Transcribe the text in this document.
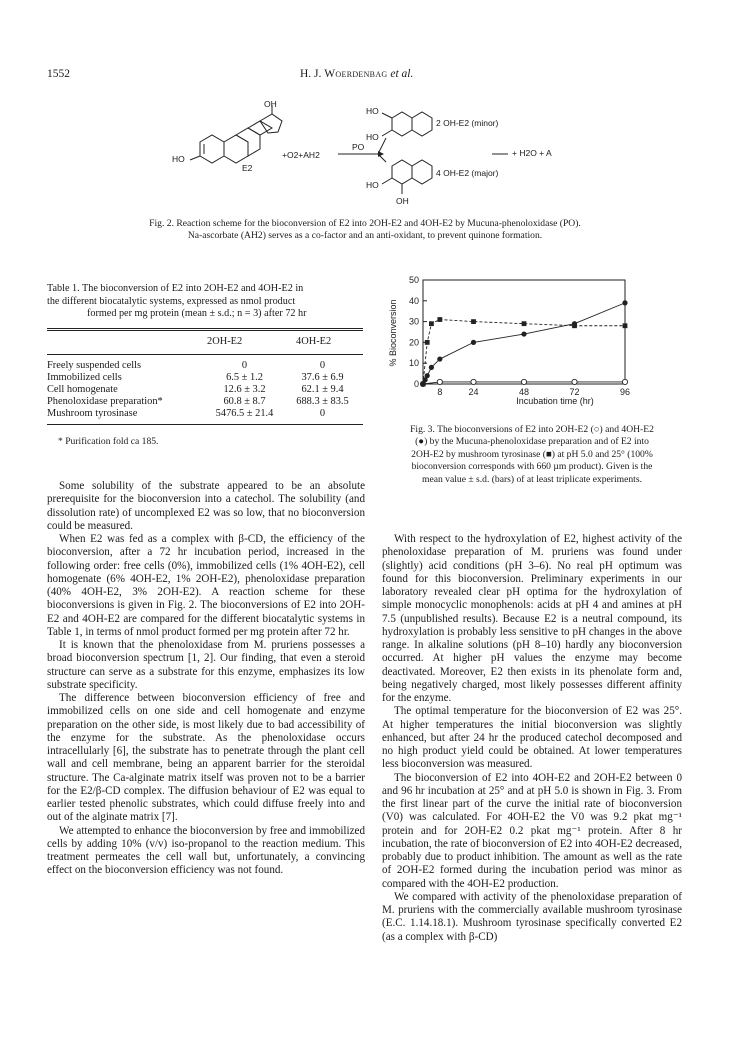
1552	H. J. Woerdenbag et al.
OH
HO
E2
+O2+AH2
PO
HO
HO
2 OH-E2 (minor)
HO
OH
4 OH-E2 (major)
+ H2O + A
Fig. 2. Reaction scheme for the bioconversion of E2 into 2OH-E2 and 4OH-E2 by Mucuna-phenoloxidase (PO).
Na-ascorbate (AH2) serves as a co-factor and an anti-oxidant, to prevent quinone formation.
Table 1. The bioconversion of E2 into 2OH-E2 and 4OH-E2 in
the different biocatalytic systems, expressed as nmol product
formed per mg protein (mean ± s.d.; n = 3) after 72 hr
2OH-E2	4OH-E2
Freely suspended cells	0	0
Immobilized cells	6.5 ± 1.2	37.6 ± 6.9
Cell homogenate	12.6 ± 3.2	62.1 ± 9.4
Phenoloxidase preparation*	60.8 ± 8.7	688.3 ± 83.5
Mushroom tyrosinase	5476.5 ± 21.4	0
* Purification fold ca 185.
0
10
20
30
40
50
8	24	48	72	96
% Bioconversion
Incubation time (hr)
Fig. 3. The bioconversions of E2 into 2OH-E2 (○) and 4OH-E2
(●) by the Mucuna-phenoloxidase preparation and of E2 into
2OH-E2 by mushroom tyrosinase (■) at pH 5.0 and 25° (100%
bioconversion corresponds with 660 µm product). Given is the
mean value ± s.d. (bars) of at least triplicate experiments.

Some solubility of the substrate appeared to be an absolute prerequisite for the bioconversion into a catechol. The solubility (and dissolution rate) of uncomplexed E2 was so low, that no bioconversion could be measured.

When E2 was fed as a complex with β-CD, the efficiency of the bioconversion, after a 72 hr incubation period, increased in the following order: free cells (0%), immobilized cells (1% 4OH-E2), cell homogenate (6% 4OH-E2, 1% 2OH-E2), phenoloxidase preparation (40% 4OH-E2, 3% 2OH-E2). A reaction scheme for these bioconversions is given in Fig. 2. The bioconversions of E2 into 2OH-E2 and 4OH-E2 are compared for the different biocatalytic systems in Table 1, in terms of nmol product formed per mg protein after 72 hr.

It is known that the phenoloxidase from M. pruriens possesses a broad bioconversion spectrum [1, 2]. Our finding, that even a steroid structure can serve as a substrate for this enzyme, emphasizes its low substrate specificity.

The difference between bioconversion efficiency of free and immobilized cells on one side and cell homogenate and enzyme preparation on the other side, is most likely due to bad accessibility of the enzyme for the substrate. As the phenoloxidase occurs intracellularly [6], the substrate has to penetrate through the plant cell wall and cell membrane, being an apparent barrier for the steroidal structure. The Ca-alginate matrix itself was proven not to be a barrier for the E2/β-CD complex. The diffusion behaviour of E2 was equal to earlier tested phenolic substrates, which could diffuse freely into and out of the alginate matrix [7].

We attempted to enhance the bioconversion by free and immobilized cells by adding 10% (v/v) iso-propanol to the reaction medium. This treatment permeates the cell wall but, unfortunately, a convincing effect on the bioconversion efficiency was not found.

With respect to the hydroxylation of E2, highest activity of the phenoloxidase preparation of M. pruriens was found under (slightly) acid conditions (pH 3–6). No real pH optimum was found for this bioconversion. Preliminary experiments in our laboratory revealed clear pH optima for the hydroxylation of simple monocyclic monophenols: acids at pH 4 and amines at pH 7.5 (unpublished results). Because E2 is a neutral compound, its hydroxylation is probably less sensitive to pH changes in the above range. In alkaline solutions (pH 8–10) hardly any bioconversion occurred. At higher pH values the enzyme may become deactivated. Moreover, E2 then exists in its phenolate form and, being negatively charged, most likely possesses different affinity for the enzyme.

The optimal temperature for the bioconversion of E2 was 25°. At higher temperatures the initial bioconversion was slightly enhanced, but after 24 hr the produced catechol decomposed and no high product yield could be obtained. At lower temperatures less bioconversion was measured.

The bioconversion of E2 into 4OH-E2 and 2OH-E2 between 0 and 96 hr incubation at 25° and at pH 5.0 is shown in Fig. 3. From the first linear part of the curve the initial rate of bioconversion (V0) was calculated. For 4OH-E2 the V0 was 9.2 pkat mg⁻¹ protein and for 2OH-E2 0.2 pkat mg⁻¹ protein. After 8 hr incubation, the rate of bioconversion of E2 into 4OH-E2 decreased, probably due to product inhibition. The amount as well as the rate of 2OH-E2 formed during the incubation period was minor as compared with the 4OH-E2 production.

We compared with activity of the phenoloxidase preparation of M. pruriens with the commercially available mushroom tyrosinase (E.C. 1.14.18.1). Mushroom tyrosinase specifically converted E2 (as a complex with β-CD)
